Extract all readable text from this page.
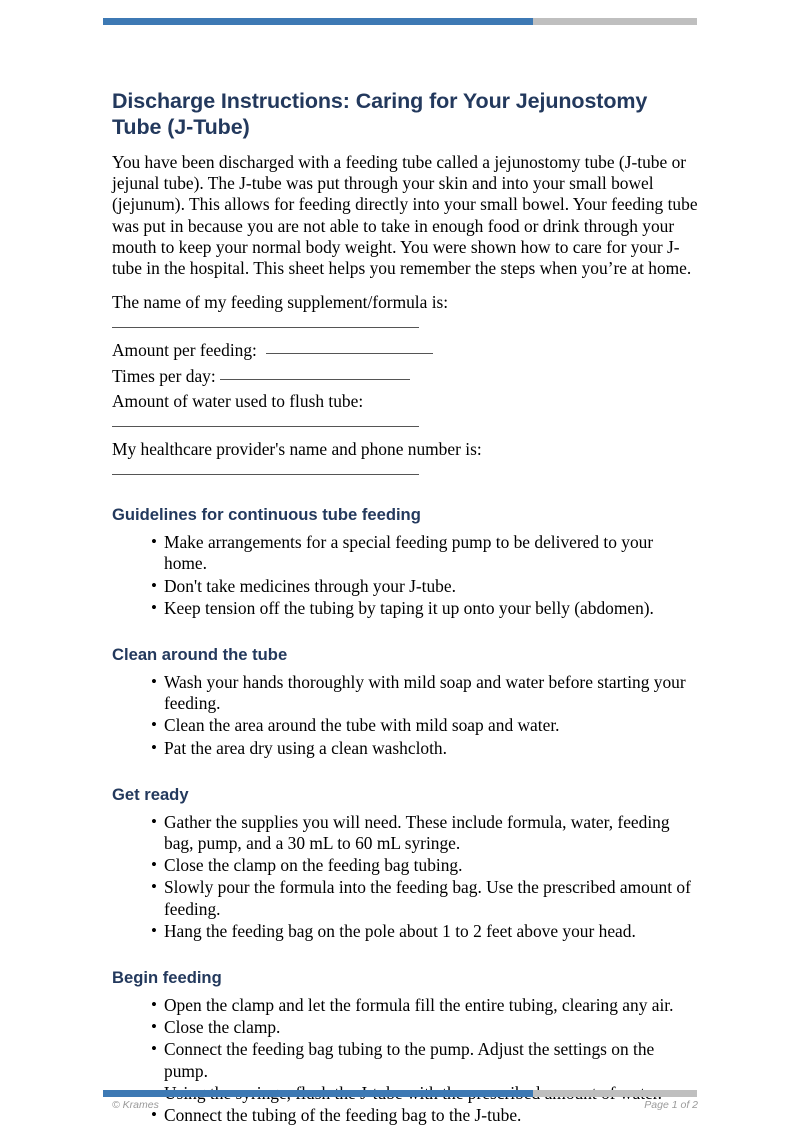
Discharge Instructions: Caring for Your Jejunostomy Tube (J-Tube)

You have been discharged with a feeding tube called a jejunostomy tube (J-tube or jejunal tube). The J-tube was put through your skin and into your small bowel (jejunum). This allows for feeding directly into your small bowel. Your feeding tube was put in because you are not able to take in enough food or drink through your mouth to keep your normal body weight. You were shown how to care for your J-tube in the hospital. This sheet helps you remember the steps when you’re at home.

The name of my feeding supplement/formula is:

Amount per feeding:

Times per day:

Amount of water used to flush tube:

My healthcare provider's name and phone number is:

Guidelines for continuous tube feeding
• Make arrangements for a special feeding pump to be delivered to your home.
• Don't take medicines through your J-tube.
• Keep tension off the tubing by taping it up onto your belly (abdomen).
Clean around the tube
• Wash your hands thoroughly with mild soap and water before starting your feeding.
• Clean the area around the tube with mild soap and water.
• Pat the area dry using a clean washcloth.
Get ready
• Gather the supplies you will need. These include formula, water, feeding bag, pump, and a 30 mL to 60 mL syringe.
• Close the clamp on the feeding bag tubing.
• Slowly pour the formula into the feeding bag. Use the prescribed amount of feeding.
• Hang the feeding bag on the pole about 1 to 2 feet above your head.
Begin feeding
• Open the clamp and let the formula fill the entire tubing, clearing any air.
• Close the clamp.
• Connect the feeding bag tubing to the pump. Adjust the settings on the pump.
•
• Connect the tubing of the feeding bag to the J-tube.
© Krames	Page 1 of 2
